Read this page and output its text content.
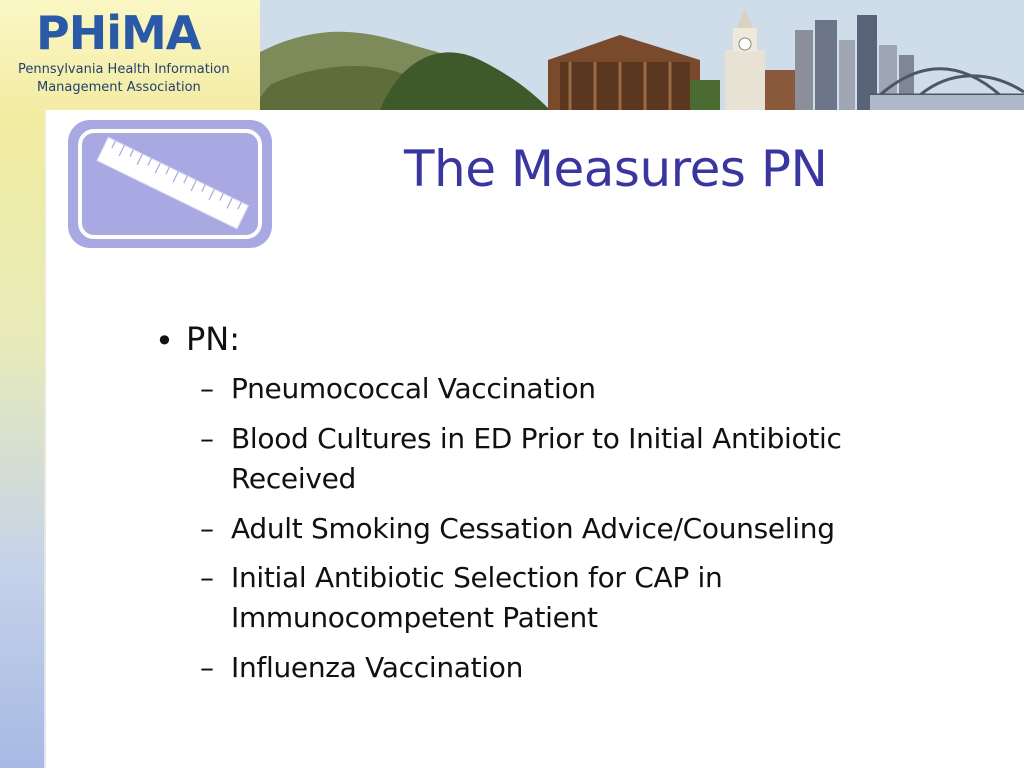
PHiMA
Pennsylvania Health Information
Management Association
The Measures PN
• PN:
– Pneumococcal Vaccination
– Blood Cultures in ED Prior to Initial Antibiotic
Received
– Adult Smoking Cessation Advice/Counseling
– Initial Antibiotic Selection for CAP in
Immunocompetent Patient
– Influenza Vaccination
